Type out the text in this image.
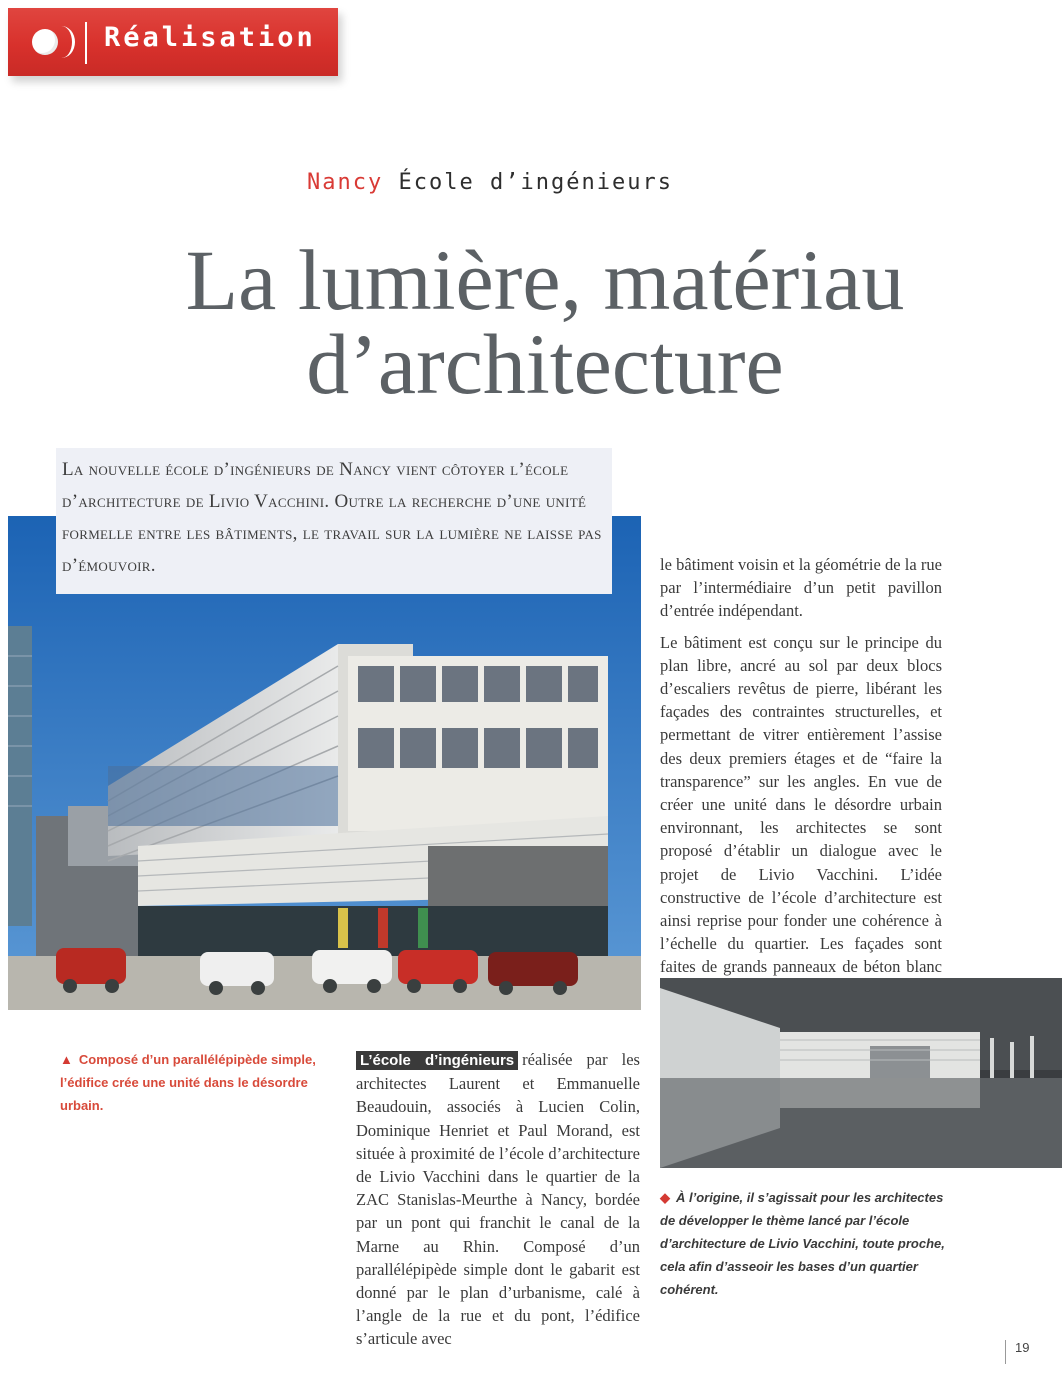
Réalisation
Nancy École d’ingénieurs
La lumière, matériau
d’architecture

La nouvelle école d’ingénieurs de Nancy vient côtoyer l’école d’architecture de Livio Vacchini. Outre la recherche d’une unité formelle entre les bâtiments, le travail sur la lumière ne laisse pas d’émouvoir.	le bâtiment voisin et la géométrie de la rue par l’intermédiaire d’un petit pavillon d’entrée indépendant.

Le bâtiment est conçu sur le principe du plan libre, ancré au sol par deux blocs d’escaliers revêtus de pierre, libérant les façades des contraintes structurelles, et permettant de vitrer entièrement l’assise des deux premiers étages et de “faire la transparence” sur les angles. En vue de créer une unité dans le désordre urbain environnant, les architectes se sont proposé d’établir un dialogue avec le projet de Livio Vacchini. L’idée constructive de l’école d’architecture est ainsi reprise pour fonder une cohérence à l’échelle du quartier. Les façades sont faites de grands panneaux de béton blanc

▲ Composé d’un parallélépipède simple, l’édifice crée une unité dans le désordre urbain.

L’école d’ingénieurs réalisée par les architectes Laurent et Emmanuelle Beaudouin, associés à Lucien Colin, Dominique Henriet et Paul Morand, est située à proximité de l’école d’architecture de Livio Vacchini dans le quartier de la ZAC Stanislas-Meurthe à Nancy, bordée par un pont qui franchit le canal de la Marne au Rhin. Composé d’un parallélépipède simple dont le gabarit est donné par le plan d’urbanisme, calé à l’angle de la rue et du pont, l’édifice s’articule avec

◆ À l’origine, il s’agissait pour les architectes de développer le thème lancé par l’école d’architecture de Livio Vacchini, toute proche, cela afin d’asseoir les bases d’un quartier cohérent.

19
